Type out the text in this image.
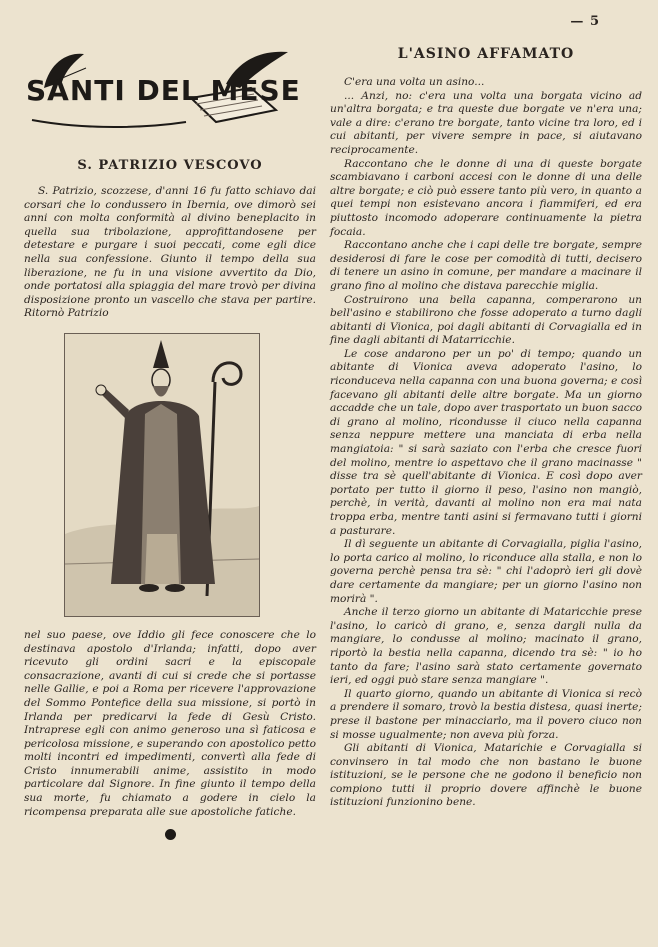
— 5
SANTI DEL MESE
S. PATRIZIO VESCOVO

S. Patrizio, scozzese, d'anni 16 fu fatto schiavo dai corsari che lo condussero in Ibernia, ove dimorò sei anni con molta conformità al divino beneplacito in quella sua tribolazione, approfittandosene per detestare e purgare i suoi peccati, come egli dice nella sua confessione. Giunto il tempo della sua liberazione, ne fu in una visione avvertito da Dio, onde portatosi alla spiaggia del mare trovò per divina disposizione pronto un vascello che stava per partire. Ritornò Patrizio

nel suo paese, ove Iddio gli fece conoscere che lo destinava apostolo d'Irlanda; infatti, dopo aver ricevuto gli ordini sacri e la episcopale consacrazione, avanti di cui si crede che si portasse nelle Gallie, e poi a Roma per ricevere l'approvazione del Sommo Pontefice della sua missione, si portò in Irlanda per predicarvi la fede di Gesù Cristo. Intraprese egli con animo generoso una sì faticosa e pericolosa missione, e superando con apostolico petto molti incontri ed impedimenti, convertì alla fede di Cristo innumerabili anime, assistito in modo particolare dal Signore. In fine giunto il tempo della sua morte, fu chiamato a godere in cielo la ricompensa preparata alle sue apostoliche fatiche.

L'ASINO AFFAMATO

C'era una volta un asino...

... Anzi, no: c'era una volta una borgata vicino ad un'altra borgata; e tra queste due borgate ve n'era una; vale a dire: c'erano tre borgate, tanto vicine tra loro, ed i cui abitanti, per vivere sempre in pace, si aiutavano reciprocamente.

Raccontano che le donne di una di queste borgate scambiavano i carboni accesi con le donne di una delle altre borgate; e ciò può essere tanto più vero, in quanto a quei tempi non esistevano ancora i fiammiferi, ed era piuttosto incomodo adoperare continuamente la pietra focaia.

Raccontano anche che i capi delle tre borgate, sempre desiderosi di fare le cose per comodità di tutti, decisero di tenere un asino in comune, per mandare a macinare il grano fino al molino che distava parecchie miglia.

Costruirono una bella capanna, comperarono un bell'asino e stabilirono che fosse adoperato a turno dagli abitanti di Vionica, poi dagli abitanti di Corvagialla ed in fine dagli abitanti di Matarricchie.

Le cose andarono per un po' di tempo; quando un abitante di Vionica aveva adoperato l'asino, lo riconduceva nella capanna con una buona governa; e così facevano gli abitanti delle altre borgate. Ma un giorno accadde che un tale, dopo aver trasportato un buon sacco di grano al molino, ricondusse il ciuco nella capanna senza neppure mettere una manciata di erba nella mangiatoia: " si sarà saziato con l'erba che cresce fuori del molino, mentre io aspettavo che il grano macinasse " disse tra sè quell'abitante di Vionica. E così dopo aver portato per tutto il giorno il peso, l'asino non mangiò, perchè, in verità, davanti al molino non era mai nata troppa erba, mentre tanti asini si fermavano tutti i giorni a pasturare.

Il dì seguente un abitante di Corvagialla, piglia l'asino, lo porta carico al molino, lo riconduce alla stalla, e non lo governa perchè pensa tra sè: " chi l'adoprò ieri gli dovè dare certamente da mangiare; per un giorno l'asino non morirà ".

Anche il terzo giorno un abitante di Mataricchie prese l'asino, lo caricò di grano, e, senza dargli nulla da mangiare, lo condusse al molino; macinato il grano, riportò la bestia nella capanna, dicendo tra sè: " io ho tanto da fare; l'asino sarà stato certamente governato ieri, ed oggi può stare senza mangiare ".

Il quarto giorno, quando un abitante di Vionica si recò a prendere il somaro, trovò la bestia distesa, quasi inerte; prese il bastone per minacciarlo, ma il povero ciuco non si mosse ugualmente; non aveva più forza.

Gli abitanti di Vionica, Matarichie e Corvagialla si convinsero in tal modo che non bastano le buone istituzioni, se le persone che ne godono il beneficio non compiono tutti il proprio dovere affinchè le buone istituzioni funzionino bene.
